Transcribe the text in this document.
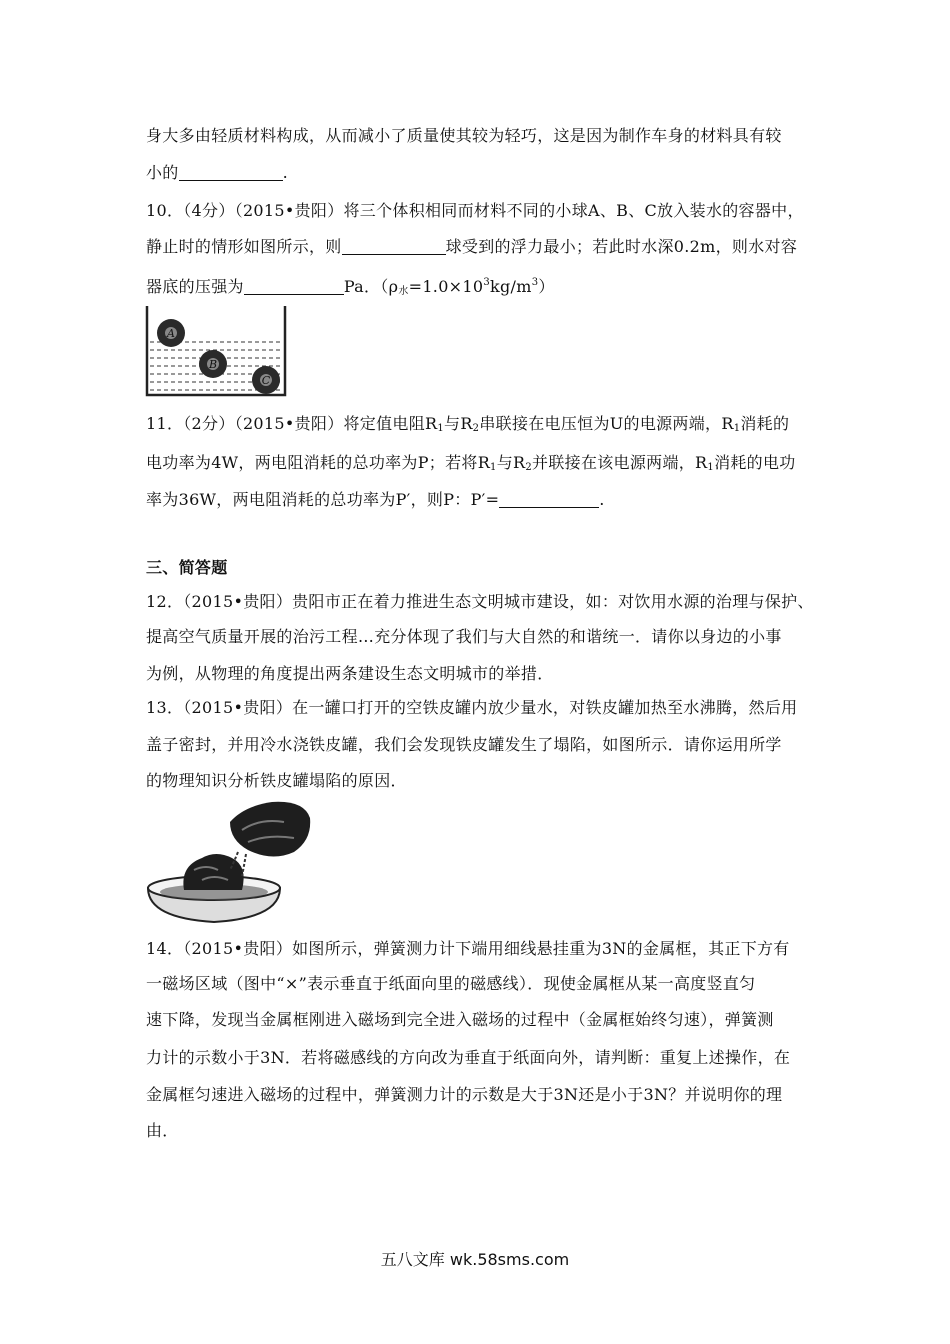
身大多由轻质材料构成，从而减小了质量使其较为轻巧，这是因为制作车身的材料具有较
小的	.
10．（4分）（2015•贵阳）将三个体积相同而材料不同的小球A、B、C放入装水的容器中，
静止时的情形如图所示，则	球受到的浮力最小；若此时水深0.2m，则水对容
器底的压强为	Pa．$(\rho_水=1.0\times 10^3kg/m^3)$
A
B
C
11．（2分）（2015•贵阳）将定值电阻$R_1$与$R_2$串联接在电压恒为U的电源两端，$R_1$消耗的
电功率为4W，两电阻消耗的总功率为P；若将$R_1$与$R_2$并联接在该电源两端，$R_1$消耗的电功
率为36W，两电阻消耗的总功率为P′，则P：P′=	.
三、简答题
12．（2015•贵阳）贵阳市正在着力推进生态文明城市建设，如：对饮用水源的治理与保护、
提高空气质量开展的治污工程…充分体现了我们与大自然的和谐统一．请你以身边的小事
为例，从物理的角度提出两条建设生态文明城市的举措．
13．（2015•贵阳）在一罐口打开的空铁皮罐内放少量水，对铁皮罐加热至水沸腾，然后用
盖子密封，并用冷水浇铁皮罐，我们会发现铁皮罐发生了塌陷，如图所示．请你运用所学
的物理知识分析铁皮罐塌陷的原因．
14．（2015•贵阳）如图所示，弹簧测力计下端用细线悬挂重为3N的金属框，其正下方有
一磁场区域（图中“×”表示垂直于纸面向里的磁感线）．现使金属框从某一高度竖直匀
速下降，发现当金属框刚进入磁场到完全进入磁场的过程中（金属框始终匀速），弹簧测
力计的示数小于3N．若将磁感线的方向改为垂直于纸面向外，请判断：重复上述操作，在
金属框匀速进入磁场的过程中，弹簧测力计的示数是大于3N还是小于3N？并说明你的理
由．
五八文库 wk.58sms.com
